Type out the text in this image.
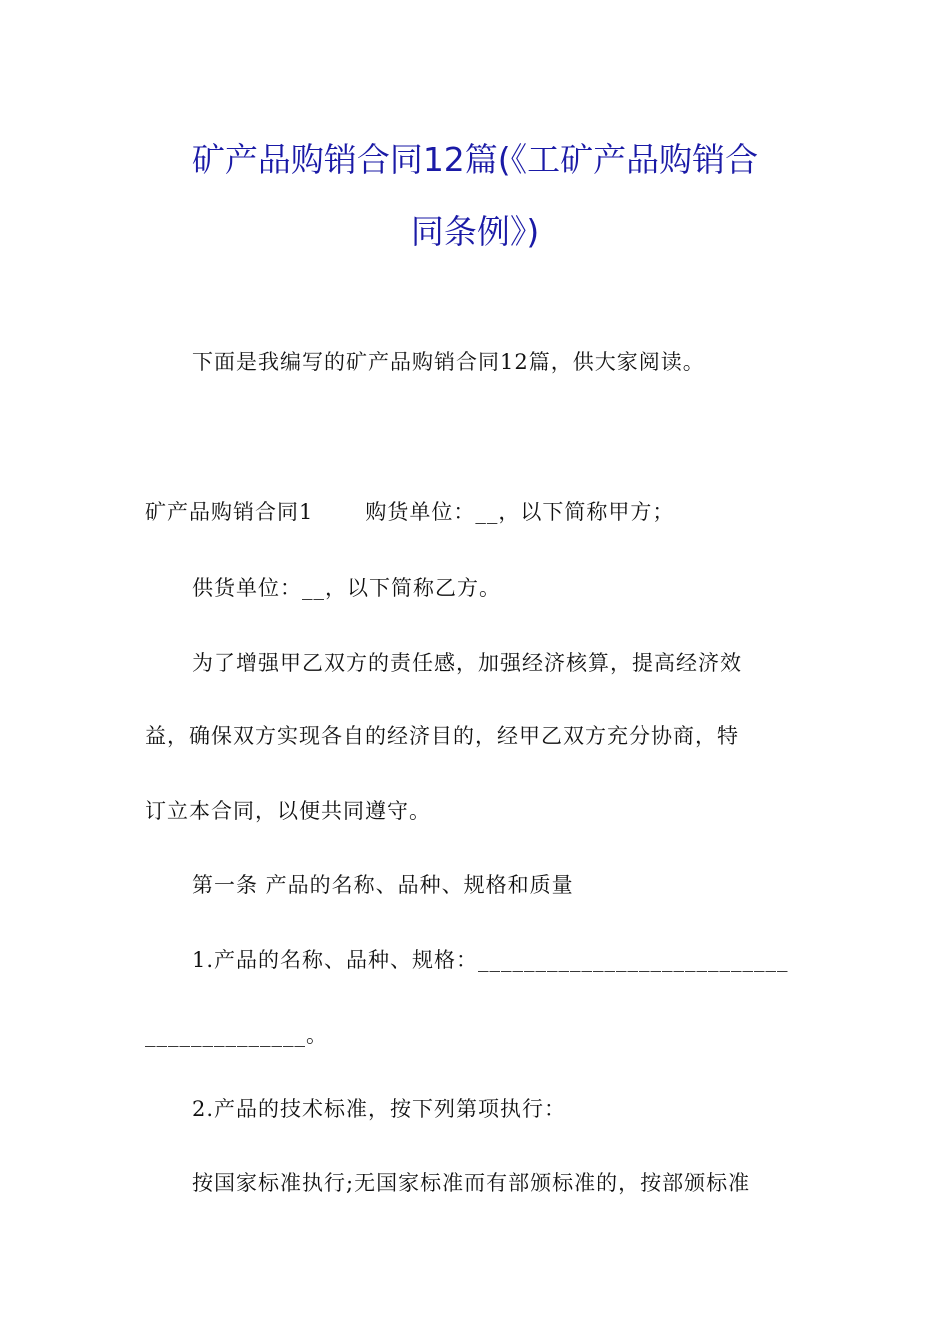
矿产品购销合同12篇(《工矿产品购销合
同条例》)
下面是我编写的矿产品购销合同12篇，供大家阅读。
矿产品购销合同1 购货单位：__，以下简称甲方；
供货单位：__，以下简称乙方。
为了增强甲乙双方的责任感，加强经济核算，提高经济效
益，确保双方实现各自的经济目的，经甲乙双方充分协商，特
订立本合同，以便共同遵守。
第一条 产品的名称、品种、规格和质量
1.产品的名称、品种、规格：___________________________
______________。
2.产品的技术标准，按下列第项执行：
按国家标准执行;无国家标准而有部颁标准的，按部颁标准
